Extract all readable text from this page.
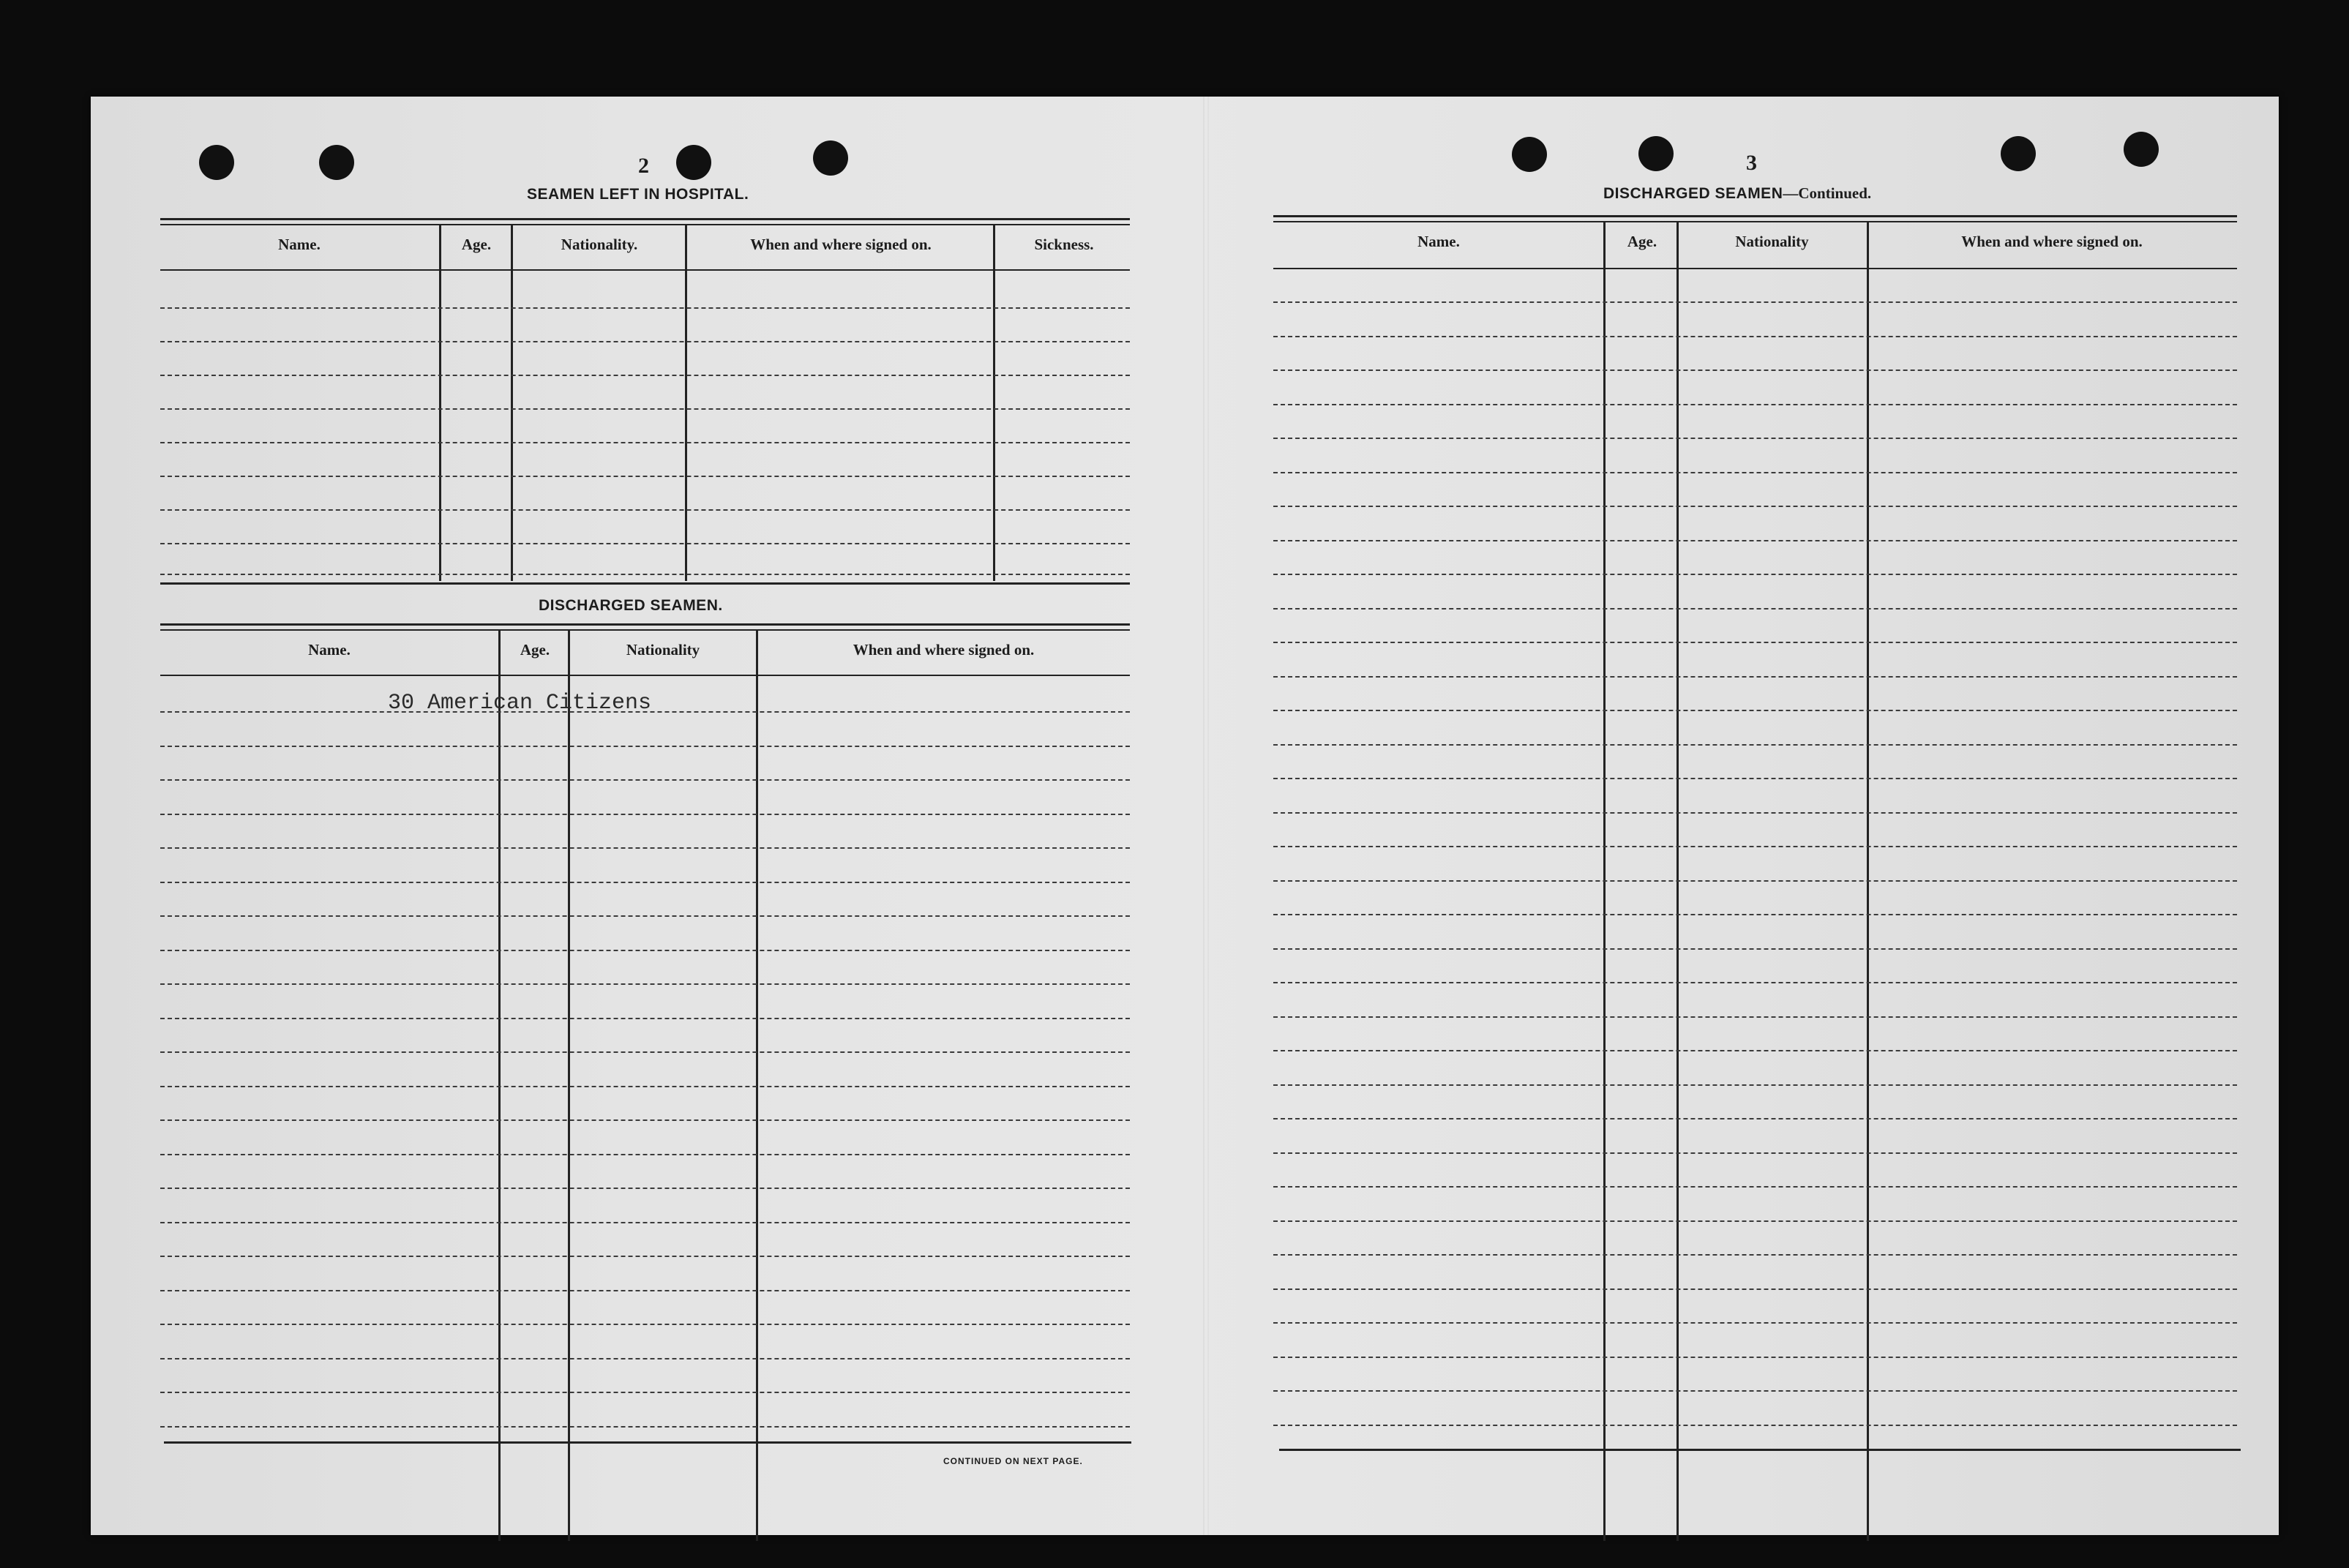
2
SEAMEN LEFT IN HOSPITAL.
Name.	Age.	Nationality.	When and where signed on.	Sickness.
DISCHARGED SEAMEN.
Name.	Age.	Nationality	When and where signed on.
30 American Citizens
CONTINUED ON NEXT PAGE.
3
DISCHARGED SEAMEN—Continued.
Name.	Age.	Nationality	When and where signed on.
